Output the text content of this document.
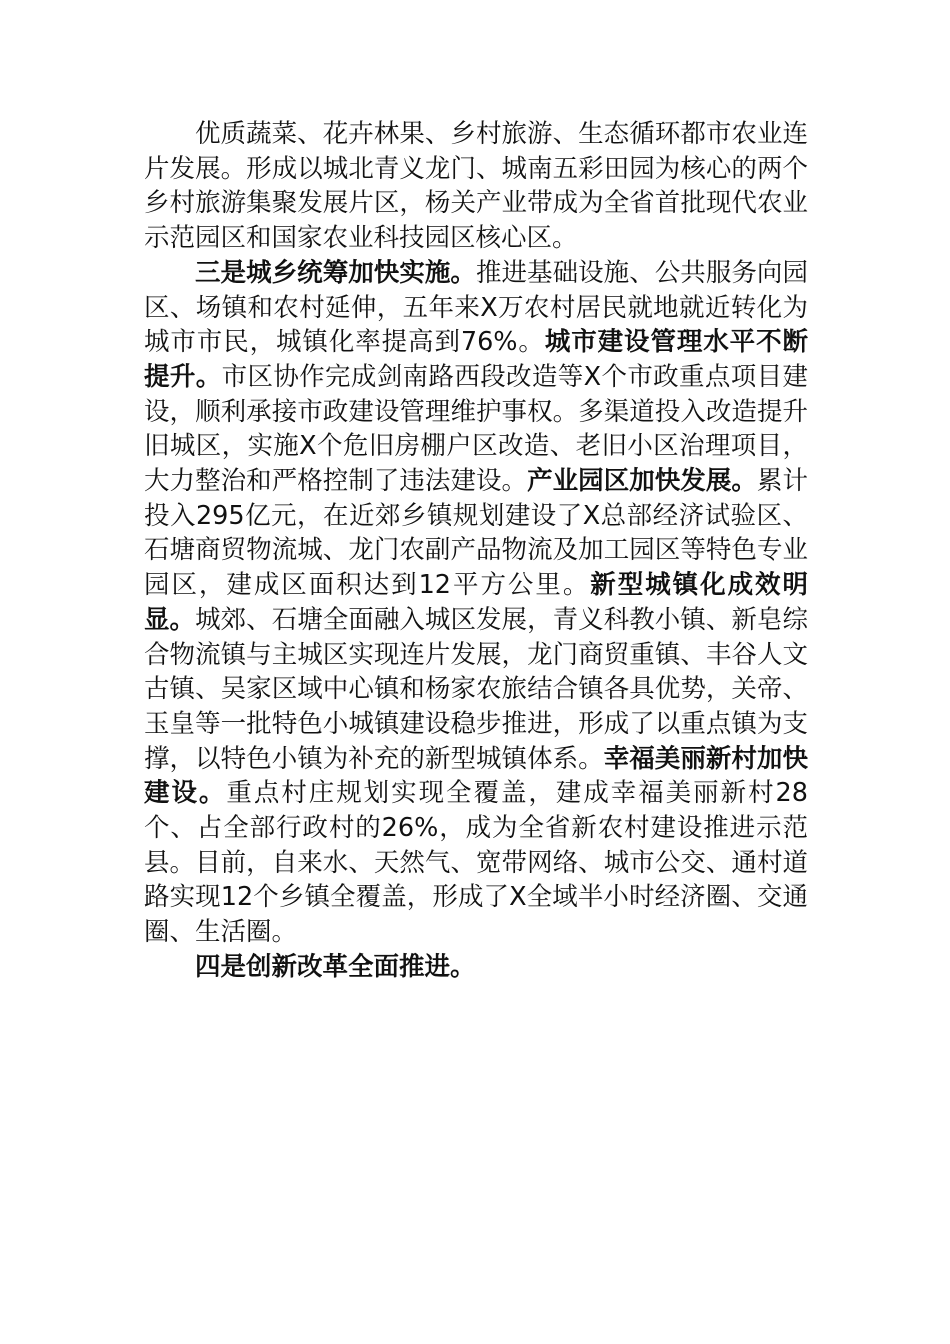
优质蔬菜、花卉林果、乡村旅游、生态循环都市农业连片发展。形成以城北青义龙门、城南五彩田园为核心的两个乡村旅游集聚发展片区，杨关产业带成为全省首批现代农业示范园区和国家农业科技园区核心区。

三是城乡统筹加快实施。推进基础设施、公共服务向园区、场镇和农村延伸，五年来X万农村居民就地就近转化为城市市民，城镇化率提高到76%。城市建设管理水平不断提升。市区协作完成剑南路西段改造等X个市政重点项目建设，顺利承接市政建设管理维护事权。多渠道投入改造提升旧城区，实施X个危旧房棚户区改造、老旧小区治理项目，大力整治和严格控制了违法建设。产业园区加快发展。累计投入295亿元，在近郊乡镇规划建设了X总部经济试验区、石塘商贸物流城、龙门农副产品物流及加工园区等特色专业园区，建成区面积达到12平方公里。新型城镇化成效明显。城郊、石塘全面融入城区发展，青义科教小镇、新皂综合物流镇与主城区实现连片发展，龙门商贸重镇、丰谷人文古镇、吴家区域中心镇和杨家农旅结合镇各具优势，关帝、玉皇等一批特色小城镇建设稳步推进，形成了以重点镇为支撑，以特色小镇为补充的新型城镇体系。幸福美丽新村加快建设。重点村庄规划实现全覆盖，建成幸福美丽新村28个、占全部行政村的26%，成为全省新农村建设推进示范县。目前，自来水、天然气、宽带网络、城市公交、通村道路实现12个乡镇全覆盖，形成了X全域半小时经济圈、交通圈、生活圈。

四是创新改革全面推进。
